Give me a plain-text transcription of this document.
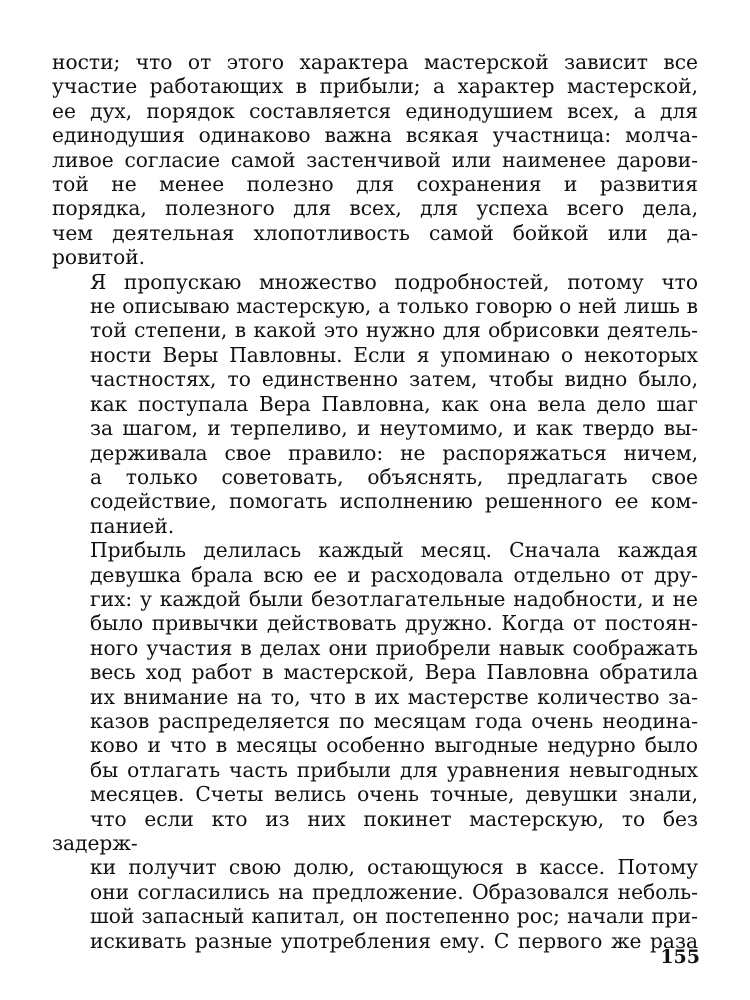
ности; что от этого характера мастерской зависит все
участие работающих в прибыли; а характер мастерской,
ее дух, порядок составляется единодушием всех, а для
единодушия одинаково важна всякая участница: молча-
ливое согласие самой застенчивой или наименее дарови-
той не менее полезно для сохранения и развития
порядка, полезного для всех, для успеха всего дела,
чем деятельная хлопотливость самой бойкой или да-
ровитой.

Я пропускаю множество подробностей, потому что
не описываю мастерскую, а только говорю о ней лишь в
той степени, в какой это нужно для обрисовки деятель-
ности Веры Павловны. Если я упоминаю о некоторых
частностях, то единственно затем, чтобы видно было,
как поступала Вера Павловна, как она вела дело шаг
за шагом, и терпеливо, и неутомимо, и как твердо вы-
держивала свое правило: не распоряжаться ничем,
а только советовать, объяснять, предлагать свое
содействие, помогать исполнению решенного ее ком-
панией.

Прибыль делилась каждый месяц. Сначала каждая
девушка брала всю ее и расходовала отдельно от дру-
гих: у каждой были безотлагательные надобности, и не
было привычки действовать дружно. Когда от постоян-
ного участия в делах они приобрели навык соображать
весь ход работ в мастерской, Вера Павловна обратила
их внимание на то, что в их мастерстве количество за-
казов распределяется по месяцам года очень неодина-
ково и что в месяцы особенно выгодные недурно было
бы отлагать часть прибыли для уравнения невыгодных
месяцев. Счеты велись очень точные, девушки знали,
что если кто из них покинет мастерскую, то без задерж-
ки получит свою долю, остающуюся в кассе. Потому
они согласились на предложение. Образовался неболь-
шой запасный капитал, он постепенно рос; начали при-
искивать разные употребления ему. С первого же раза

155
